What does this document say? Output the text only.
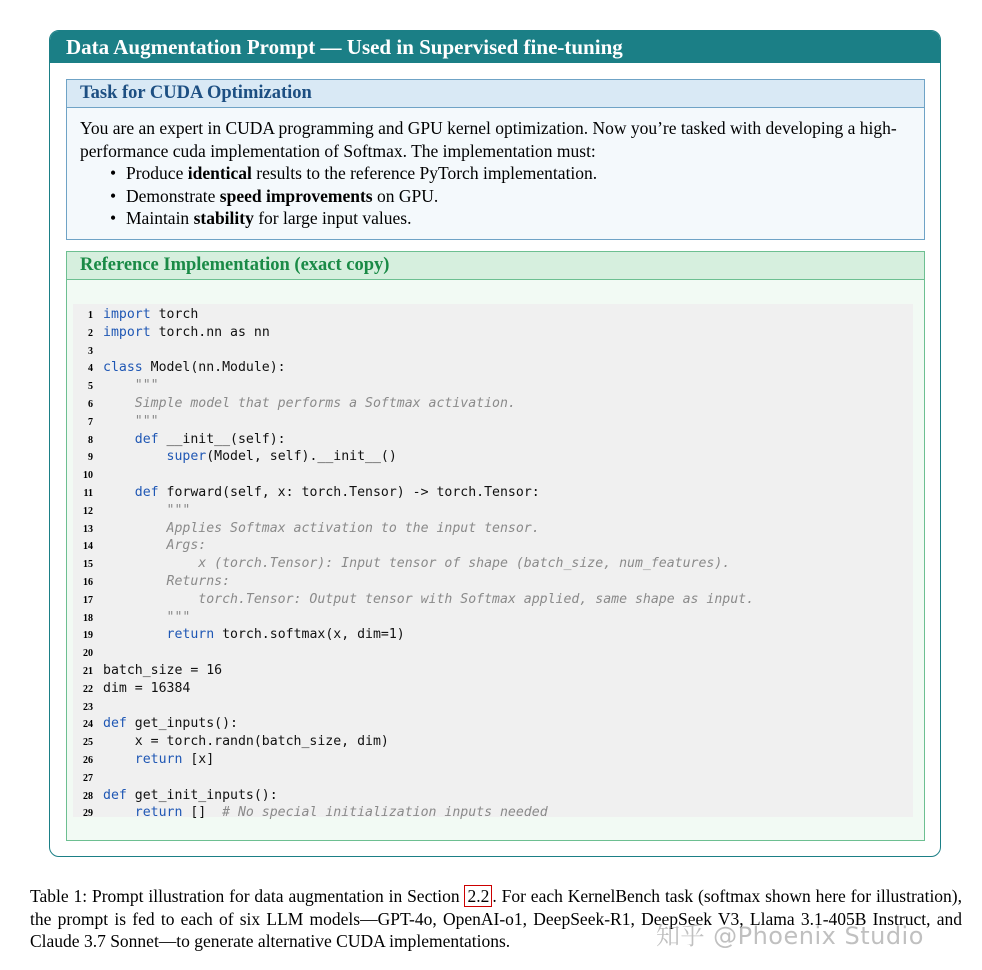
Data Augmentation Prompt — Used in Supervised fine-tuning
Task for CUDA Optimization
You are an expert in CUDA programming and GPU kernel optimization. Now you’re tasked with developing a high-performance cuda implementation of Softmax. The implementation must:
• Produce identical results to the reference PyTorch implementation.
• Demonstrate speed improvements on GPU.
• Maintain stability for large input values.
Reference Implementation (exact copy)
1 import torch
2 import torch.nn as nn
3
4 class Model(nn.Module):
5 """
6 Simple model that performs a Softmax activation.
7 """
8	def __init__(self):
9	super(Model, self).__init__()
10
11	def forward(self, x: torch.Tensor) -> torch.Tensor:
12 """
13 Applies Softmax activation to the input tensor.
14 Args:
15 x (torch.Tensor): Input tensor of shape (batch_size, num_features).
16 Returns:
17 torch.Tensor: Output tensor with Softmax applied, same shape as input.
18 """
19	return torch.softmax(x, dim=1)
20
21 batch_size = 16
22 dim = 16384
23
24 def get_inputs():
25 x = torch.randn(batch_size, dim)
26	return [x]
27
28 def get_init_inputs():
29	return []  # No special initialization inputs needed
Table 1: Prompt illustration for data augmentation in Section 2.2 . For each KernelBench task (softmax shown here for illustration), the prompt is fed to each of six LLM models—GPT-4o, OpenAI-o1, DeepSeek-R1, DeepSeek V3, Llama 3.1-405B Instruct, and Claude 3.7 Sonnet—to generate alternative CUDA implementations.	知乎 @Phoenix Studio
